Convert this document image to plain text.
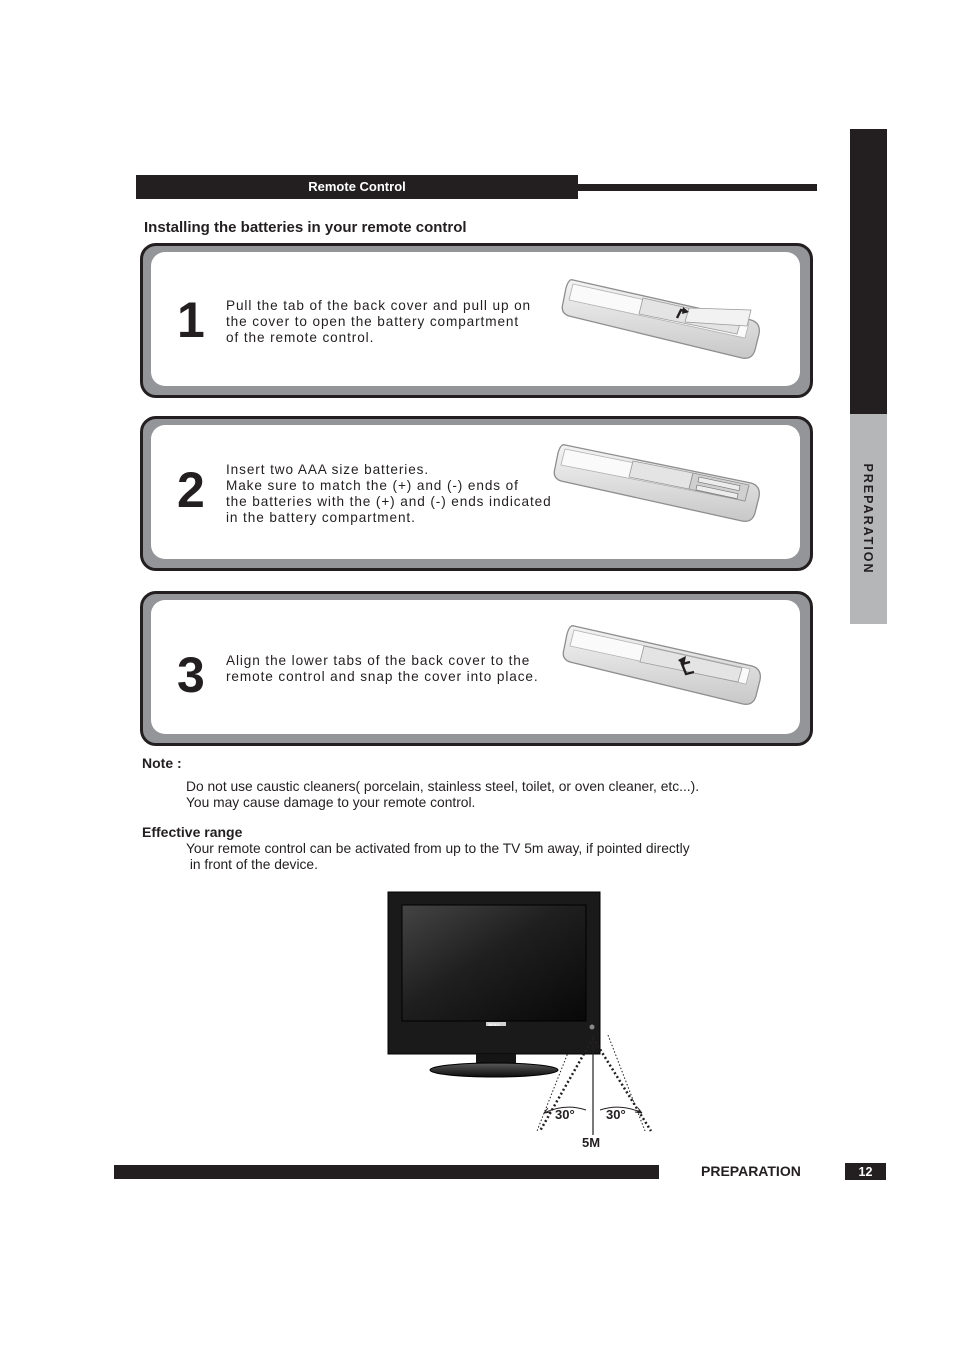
Remote Control
PREPARATION
Installing the batteries in your remote control
1 Pull the tab of the back cover and pull up on
the cover to open the battery compartment
of the remote control.
2 Insert two AAA size batteries.
Make sure to match the (+) and (-) ends of
the batteries with the (+) and (-) ends indicated
in the battery compartment.
3 Align the lower tabs of the back cover to the
remote control and snap the cover into place.
Note :
Do not use caustic cleaners( porcelain, stainless steel, toilet, or oven cleaner, etc...).
You may cause damage to your remote control.
Effective range
Your remote control can be activated from up to the TV 5m away, if pointed directly
in front of the device.
30° 30°
5M
BEKO
PREPARATION	12
